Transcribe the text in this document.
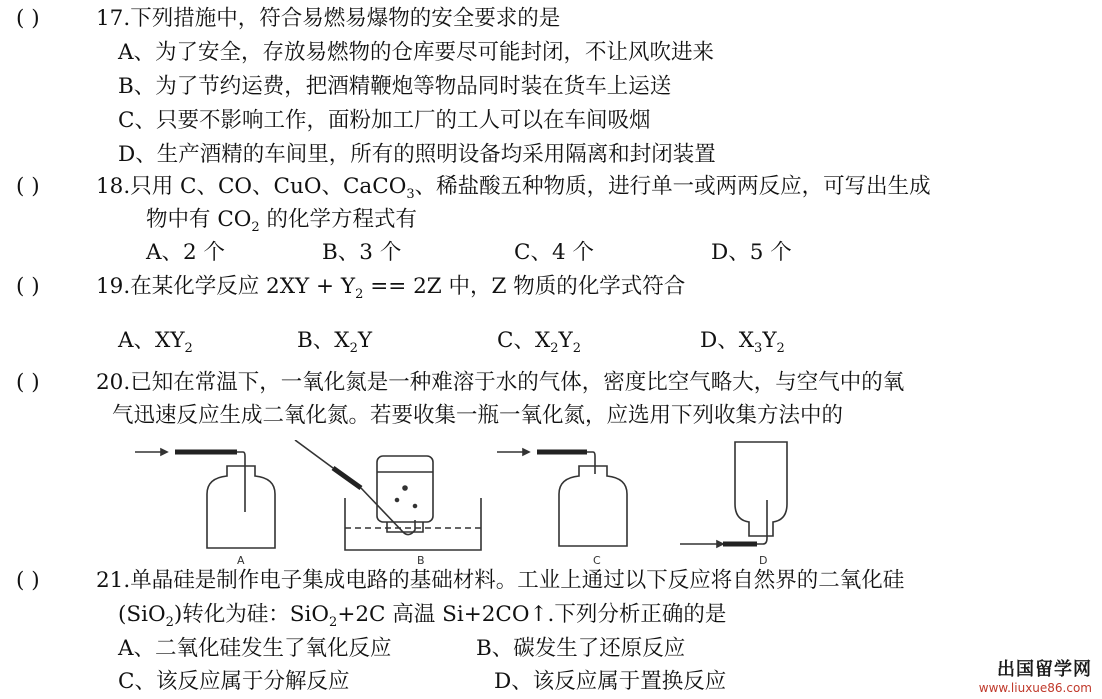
( )	17.下列措施中，符合易燃易爆物的安全要求的是
A、为了安全，存放易燃物的仓库要尽可能封闭，不让风吹进来
B、为了节约运费，把酒精鞭炮等物品同时装在货车上运送
C、只要不影响工作，面粉加工厂的工人可以在车间吸烟
D、生产酒精的车间里，所有的照明设备均采用隔离和封闭装置
( )	18.只用 C、CO、CuO、CaCO$_3$、稀盐酸五种物质，进行单一或两两反应，可写出生成
物中有 $CO_2$ 的化学方程式有
A、2 个	B、3 个	C、4 个	D、5 个
( )	19.在某化学反应 $2XY + Y_2 == 2Z$ 中，Z 物质的化学式符合
A、$XY_2$	B、$X_2Y$	C、$X_2Y_2$	D、$X_3Y_2$
( )	20.已知在常温下，一氧化氮是一种难溶于水的气体，密度比空气略大，与空气中的氧
气迅速反应生成二氧化氮。若要收集一瓶一氧化氮，应选用下列收集方法中的
A	B	C	D
( )	21.单晶硅是制作电子集成电路的基础材料。工业上通过以下反应将自然界的二氧化硅
(SiO$_2$)转化为硅：SiO$_2$+2C 高温 Si+2CO↑.下列分析正确的是
A、二氧化硅发生了氧化反应	B、碳发生了还原反应
C、该反应属于分解反应	D、该反应属于置换反应	出国留学网
www.liuxue86.com
